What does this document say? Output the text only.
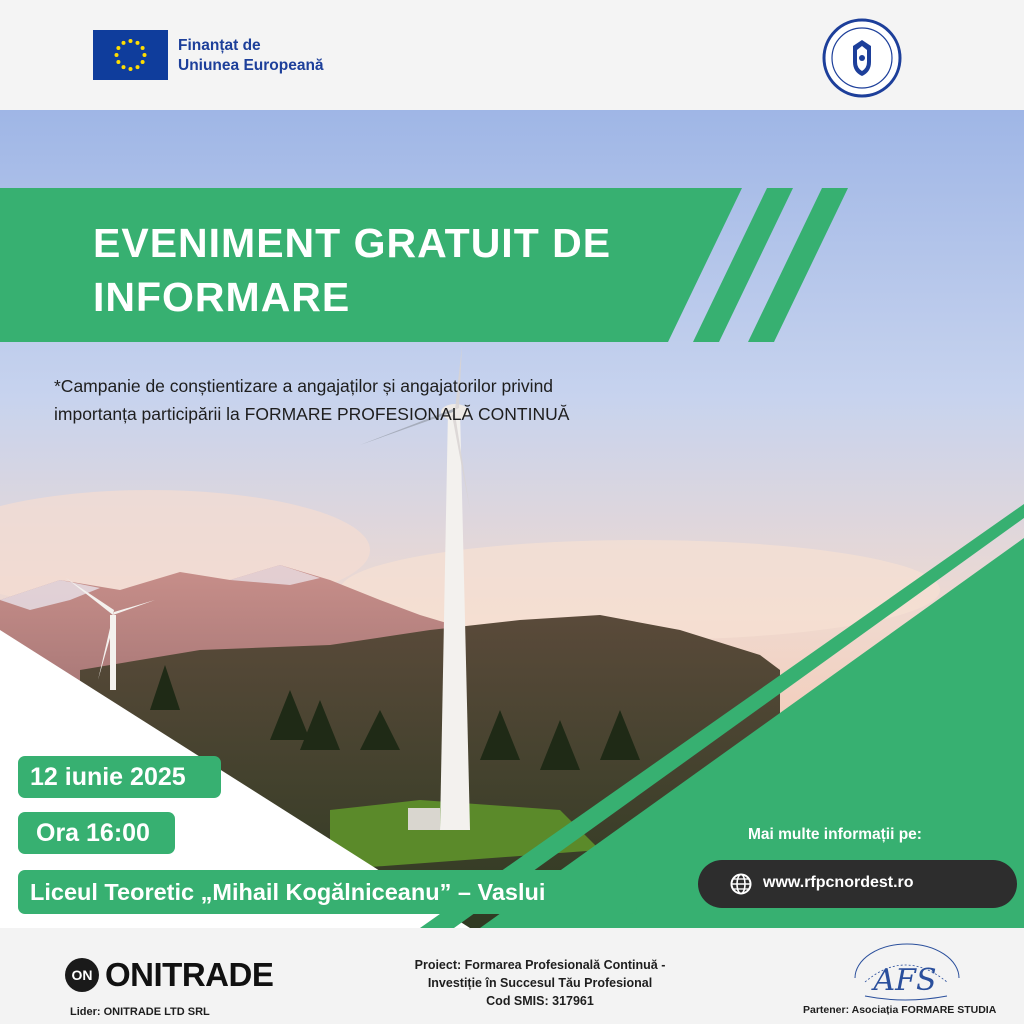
Finanțat de
Uniunea Europeană
EVENIMENT GRATUIT DE
INFORMARE
*Campanie de conștientizare a angajaților și angajatorilor privind
importanța participării la FORMARE PROFESIONALĂ CONTINUĂ
12 iunie 2025
Ora 16:00
Liceul Teoretic „Mihail Kogălniceanu” – Vaslui
Mai multe informații pe:
www.rfpcnordest.ro
ON ONITRADE
Lider: ONITRADE LTD SRL
Proiect: Formarea Profesională Continuă -
Investiție în Succesul Tău Profesional
Cod SMIS: 317961
AFS
Partener: Asociația FORMARE STUDIA
